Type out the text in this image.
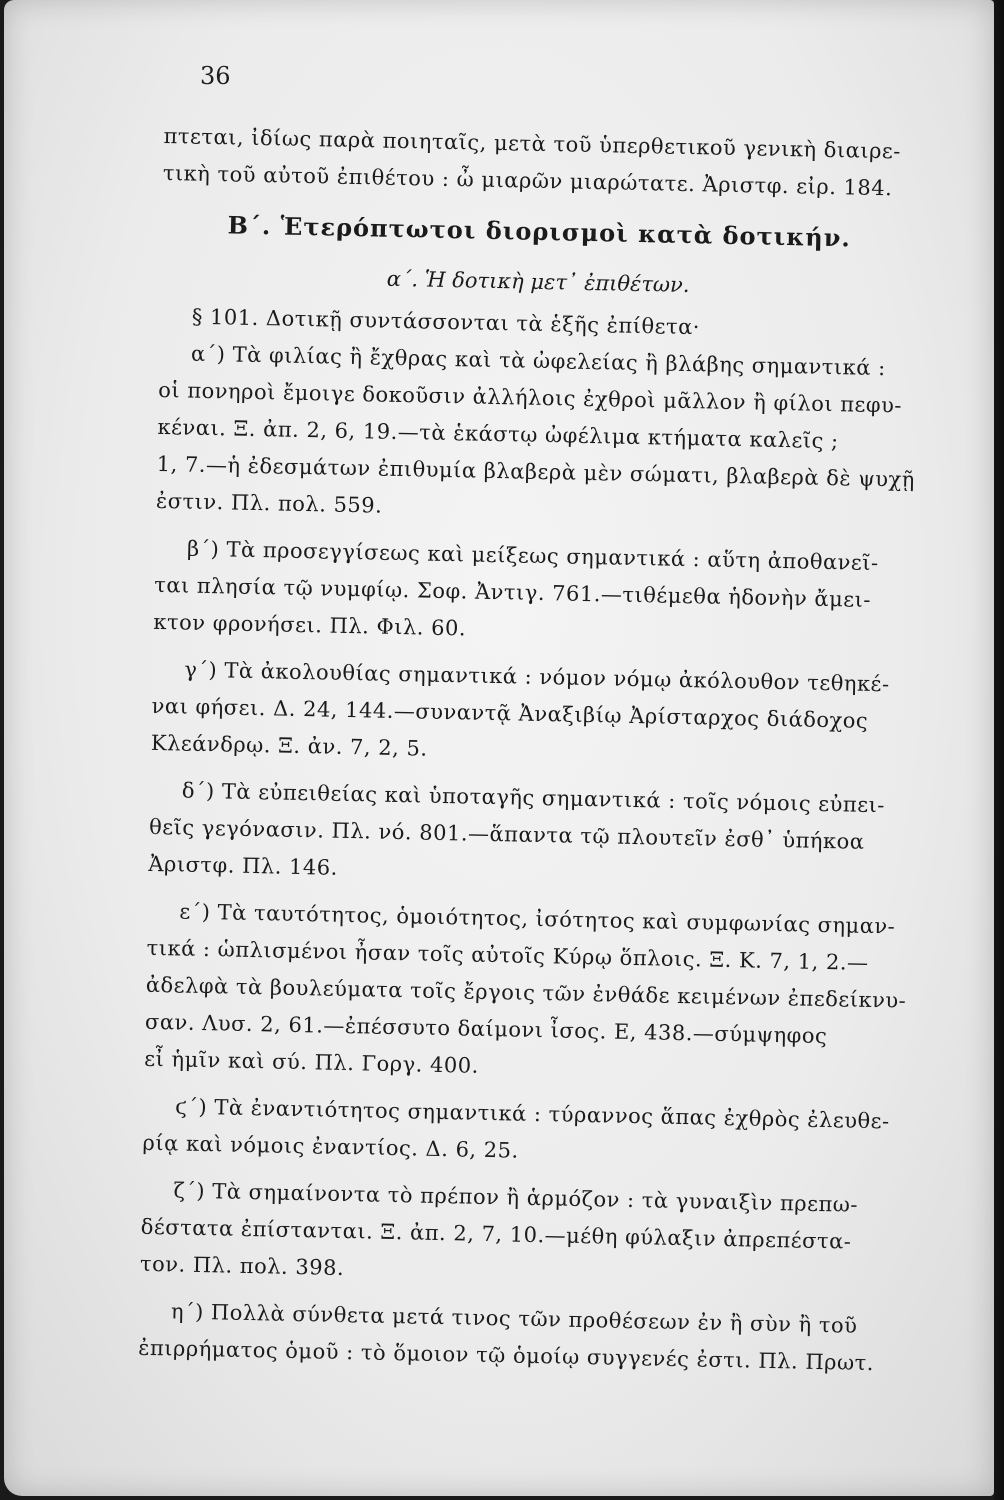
36
πτεται, ἰδίως παρὰ ποιηταῖς, μετὰ τοῦ ὑπερθετικοῦ γενικὴ διαιρε-
τικὴ τοῦ αὐτοῦ ἐπιθέτου : ὦ μιαρῶν μιαρώτατε. Ἀριστφ. εἰρ. 184.
Β΄. Ἑτερόπτωτοι διορισμοὶ κατὰ δοτικήν.
α΄. Ἡ δοτικὴ μετ᾽ ἐπιθέτων.
§ 101. Δοτικῇ συντάσσονται τὰ ἑξῆς ἐπίθετα·
α΄) Τὰ φιλίας ἢ ἔχθρας καὶ τὰ ὠφελείας ἢ βλάβης σημαντικά :
οἱ πονηροὶ ἔμοιγε δοκοῦσιν ἀλλήλοις ἐχθροὶ μᾶλλον ἢ φίλοι πεφυ-
κέναι. Ξ. ἀπ. 2, 6, 19.—τὰ ἑκάστῳ ὠφέλιμα κτήματα καλεῖς ;
1, 7.—ἡ ἐδεσμάτων ἐπιθυμία βλαβερὰ μὲν σώματι, βλαβερὰ δὲ ψυχῇ
ἐστιν. Πλ. πολ. 559.
β΄) Τὰ προσεγγίσεως καὶ μείξεως σημαντικά : αὕτη ἀποθανεῖ-
ται πλησία τῷ νυμφίῳ. Σοφ. Ἀντιγ. 761.—τιθέμεθα ἡδονὴν ἄμει-
κτον φρονήσει. Πλ. Φιλ. 60.
γ΄) Τὰ ἀκολουθίας σημαντικά : νόμον νόμῳ ἀκόλουθον τεθηκέ-
ναι φήσει. Δ. 24, 144.—συναντᾷ Ἀναξιβίῳ Ἀρίσταρχος διάδοχος
Κλεάνδρῳ. Ξ. ἀν. 7, 2, 5.
δ΄) Τὰ εὐπειθείας καὶ ὑποταγῆς σημαντικά : τοῖς νόμοις εὐπει-
θεῖς γεγόνασιν. Πλ. νό. 801.—ἅπαντα τῷ πλουτεῖν ἐσθ᾽ ὑπήκοα
Ἀριστφ. Πλ. 146.
ε΄) Τὰ ταυτότητος, ὁμοιότητος, ἰσότητος καὶ συμφωνίας σημαν-
τικά : ὡπλισμένοι ἦσαν τοῖς αὐτοῖς Κύρῳ ὅπλοις. Ξ. Κ. 7, 1, 2.—
ἀδελφὰ τὰ βουλεύματα τοῖς ἔργοις τῶν ἐνθάδε κειμένων ἐπεδείκνυ-
σαν. Λυσ. 2, 61.—ἐπέσσυτο δαίμονι ἶσος. Ε, 438.—σύμψηφος
εἶ ἡμῖν καὶ σύ. Πλ. Γοργ. 400.
ϛ΄) Τὰ ἐναντιότητος σημαντικά : τύραννος ἅπας ἐχθρὸς ἐλευθε-
ρίᾳ καὶ νόμοις ἐναντίος. Δ. 6, 25.
ζ΄) Τὰ σημαίνοντα τὸ πρέπον ἢ ἁρμόζον : τὰ γυναιξὶν πρεπω-
δέστατα ἐπίστανται. Ξ. ἀπ. 2, 7, 10.—μέθη φύλαξιν ἀπρεπέστα-
τον. Πλ. πολ. 398.
η΄) Πολλὰ σύνθετα μετά τινος τῶν προθέσεων ἐν ἢ σὺν ἢ τοῦ
ἐπιρρήματος ὁμοῦ : τὸ ὅμοιον τῷ ὁμοίῳ συγγενές ἐστι. Πλ. Πρωτ.
